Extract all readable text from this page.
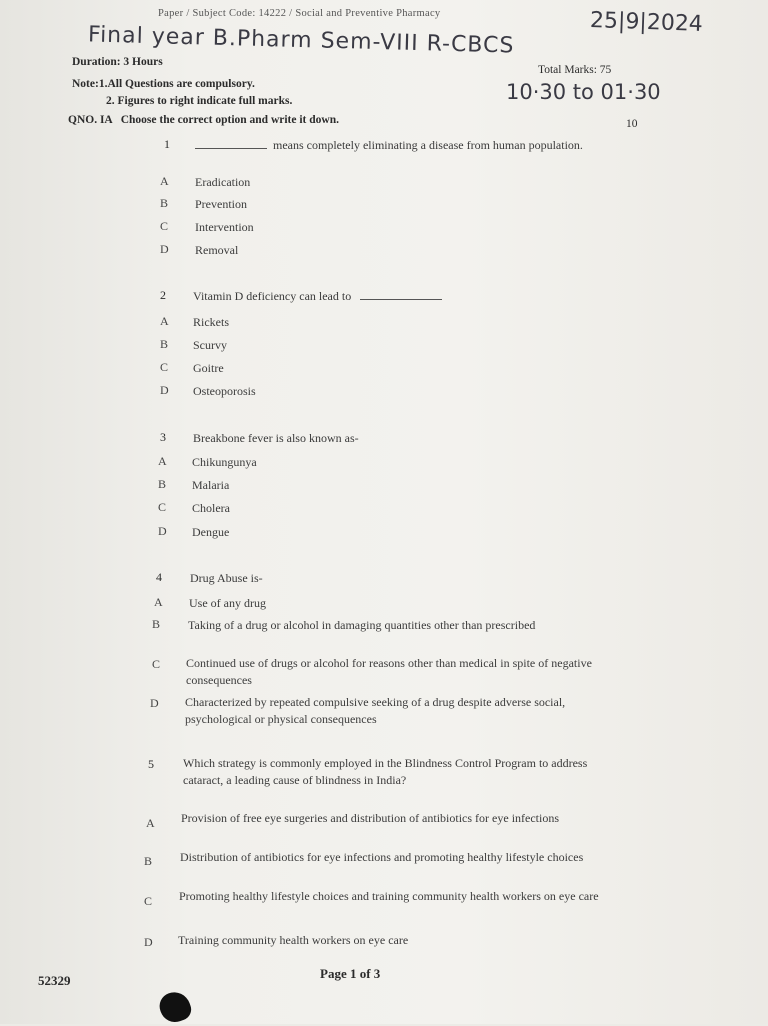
Paper / Subject Code: 14222 / Social and Preventive Pharmacy	25|9|2024
Final year B.Pharm Sem-VIII R-CBCS
Duration: 3 Hours
Total Marks: 75
Note:1.All Questions are compulsory.	10·30 to 01·30
2. Figures to right indicate full marks.
QNO. IA   Choose the correct option and write it down.	10
1	means completely eliminating a disease from human population.
A Eradication
B Prevention
C Intervention
D Removal
2 Vitamin D deficiency can lead to
A Rickets
B Scurvy
C Goitre
D Osteoporosis
3 Breakbone fever is also known as-
A Chikungunya
B Malaria
C Cholera
D Dengue
4 Drug Abuse is-
A Use of any drug
B Taking of a drug or alcohol in damaging quantities other than prescribed
C Continued use of drugs or alcohol for reasons other than medical in spite of negative consequences
D Characterized by repeated compulsive seeking of a drug despite adverse social, psychological or physical consequences
5 Which strategy is commonly employed in the Blindness Control Program to address cataract, a leading cause of blindness in India?
A Provision of free eye surgeries and distribution of antibiotics for eye infections
B Distribution of antibiotics for eye infections and promoting healthy lifestyle choices
C Promoting healthy lifestyle choices and training community health workers on eye care
D Training community health workers on eye care
52329	Page 1 of 3
